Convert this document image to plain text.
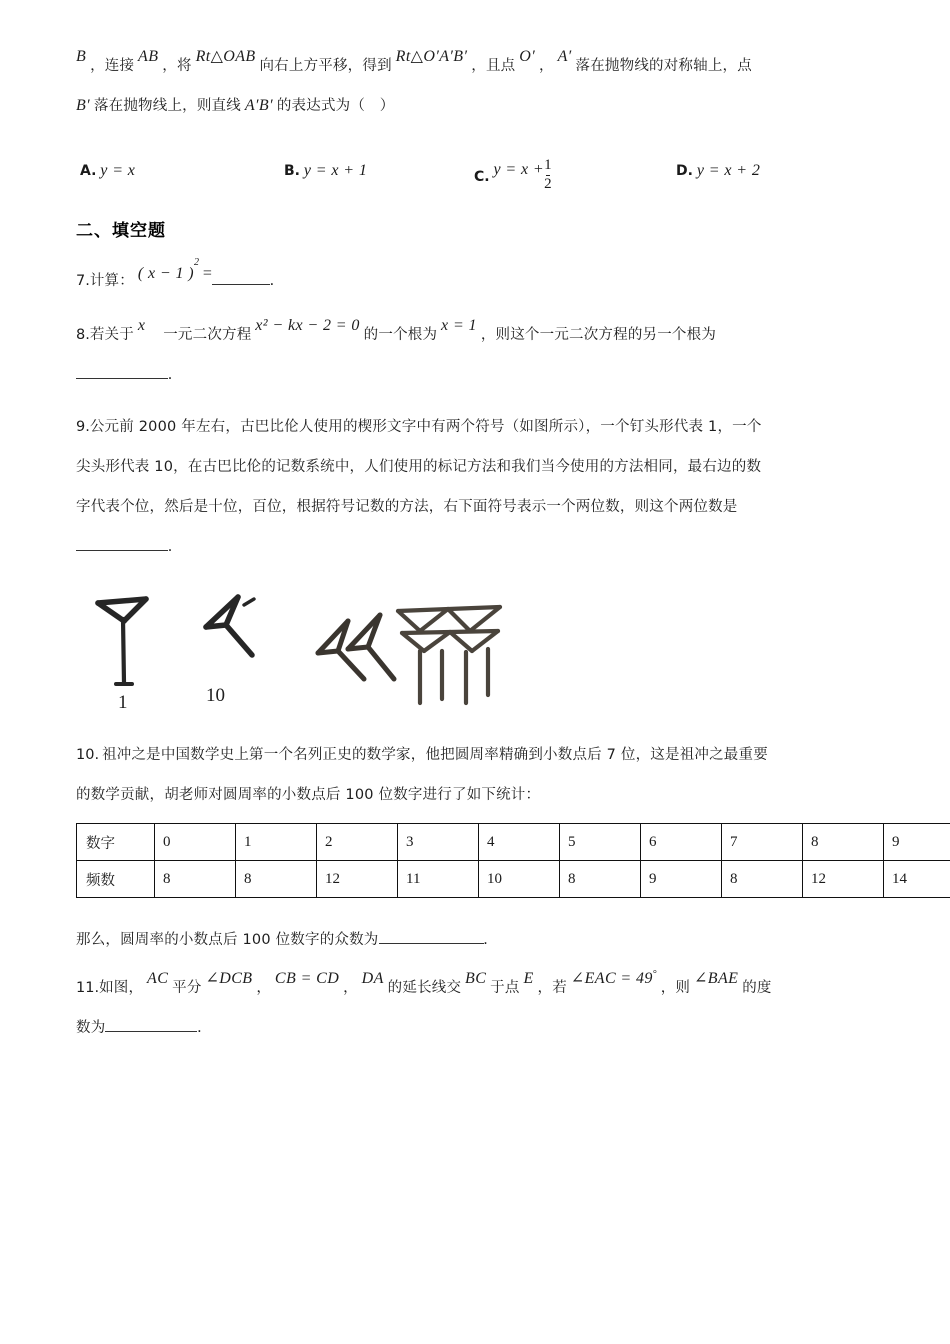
B ，连接 AB ，将 Rt△OAB 向右上方平移，得到 Rt△O′A′B′ ，且点 O′ ， A′ 落在抛物线的对称轴上，点
B′ 落在抛物线上，则直线 A′B′ 的表达式为（　）
A. y = x	B. y = x + 1	C. $y = x + \frac{1}{2}$	D. y = x + 2
二、填空题
7.计算： ( x − 1 )$^2$ =	.
8.若关于 x 一元二次方程 x² − kx − 2 = 0 的一个根为 x = 1 ，则这个一元二次方程的另一个根为
.
9.公元前 2000 年左右，古巴比伦人使用的楔形文字中有两个符号（如图所示），一个钉头形代表 1，一个
尖头形代表 10，在古巴比伦的记数系统中，人们使用的标记方法和我们当今使用的方法相同，最右边的数
字代表个位，然后是十位，百位，根据符号记数的方法，右下面符号表示一个两位数，则这个两位数是
.
1	10
10. 祖冲之是中国数学史上第一个名列正史的数学家，他把圆周率精确到小数点后 7 位，这是祖冲之最重要
的数学贡献，胡老师对圆周率的小数点后 100 位数字进行了如下统计：
数字	0	1	2	3	4	5	6	7	8	9
频数	8	8	12	11	10	8	9	8	12	14
那么，圆周率的小数点后 100 位数字的众数为	.
11.如图， AC 平分 ∠DCB ， CB = CD ， DA 的延长线交 BC 于点 E ，若 ∠EAC = 49° ，则 ∠BAE 的度
数为	.
